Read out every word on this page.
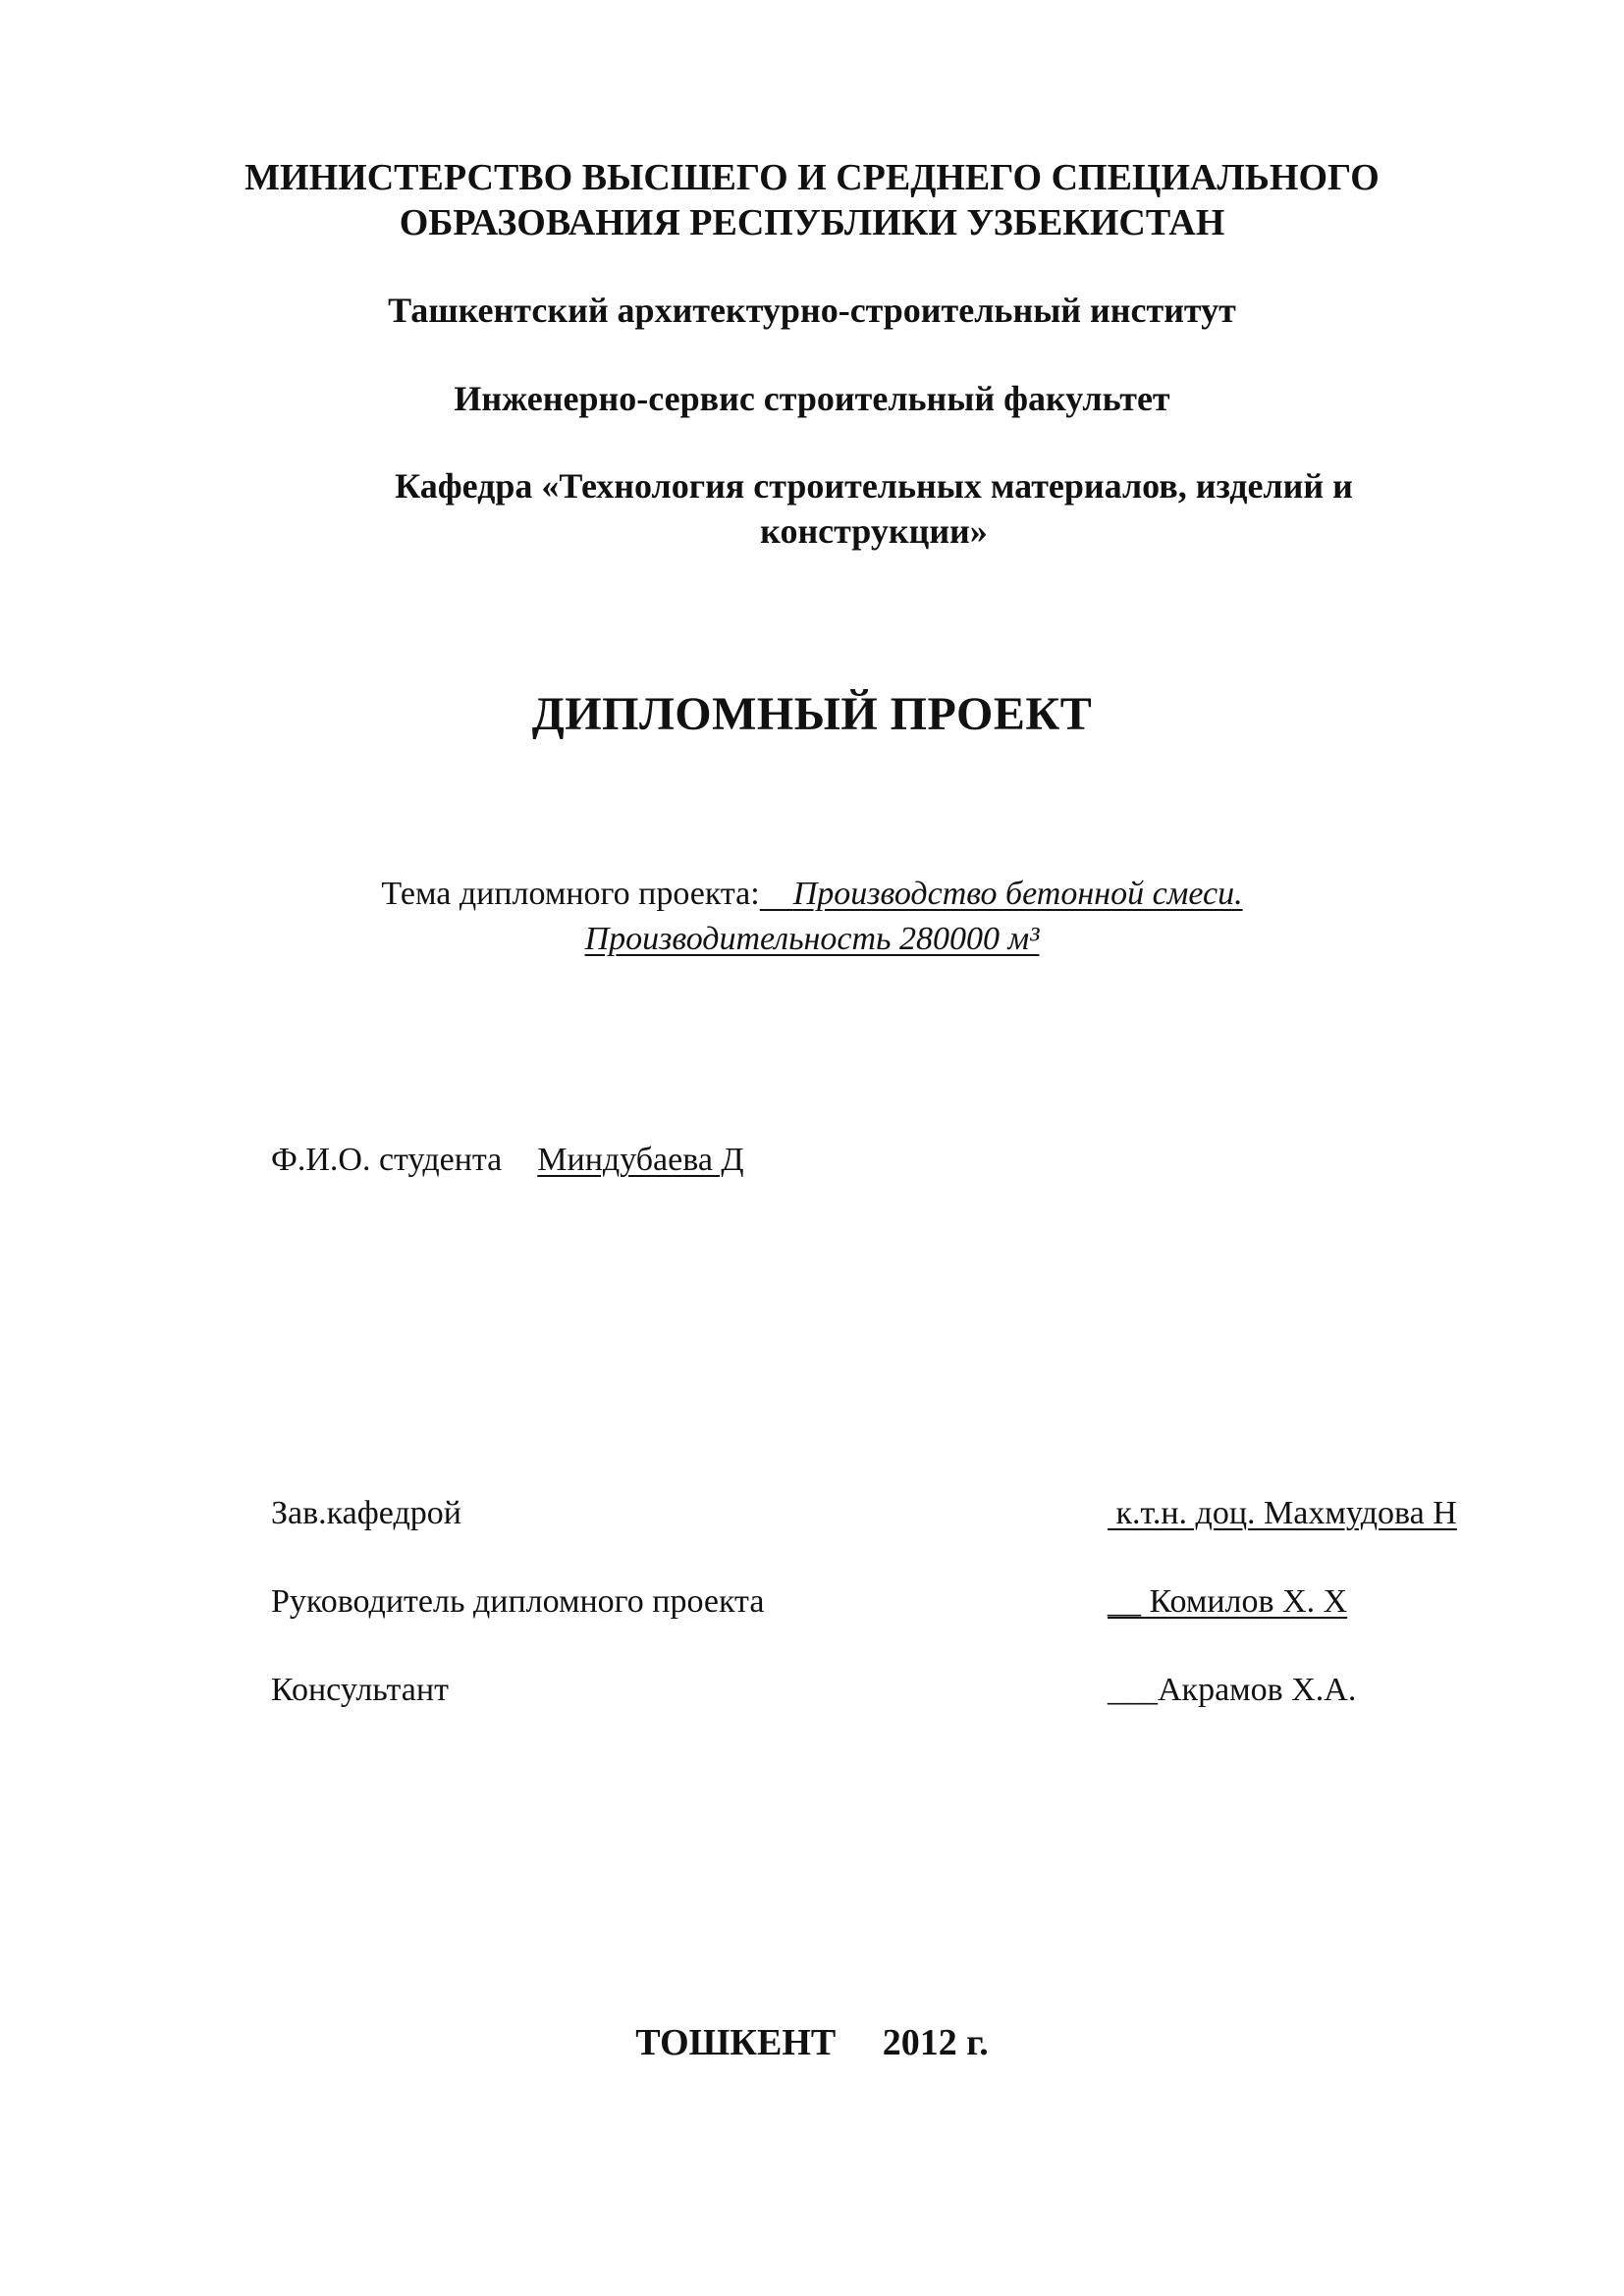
МИНИСТЕРСТВО ВЫСШЕГО И СРЕДНЕГО СПЕЦИАЛЬНОГО
ОБРАЗОВАНИЯ РЕСПУБЛИКИ УЗБЕКИСТАН
Ташкентский архитектурно-строительный институт
Инженерно-сервис строительный факультет
Кафедра «Технология строительных материалов, изделий и
конструкции»
ДИПЛОМНЫЙ ПРОЕКТ
Тема дипломного проекта: Производство бетонной смеси.
Производительность 280000 м³
Ф.И.О. студента Миндубаева Д
Зав.кафедрой	к.т.н. доц. Махмудова Н
Руководитель дипломного проекта	__ Комилов Х. Х
Консультант	___Акрамов Х.А.
ТОШКЕНТ 2012 г.
